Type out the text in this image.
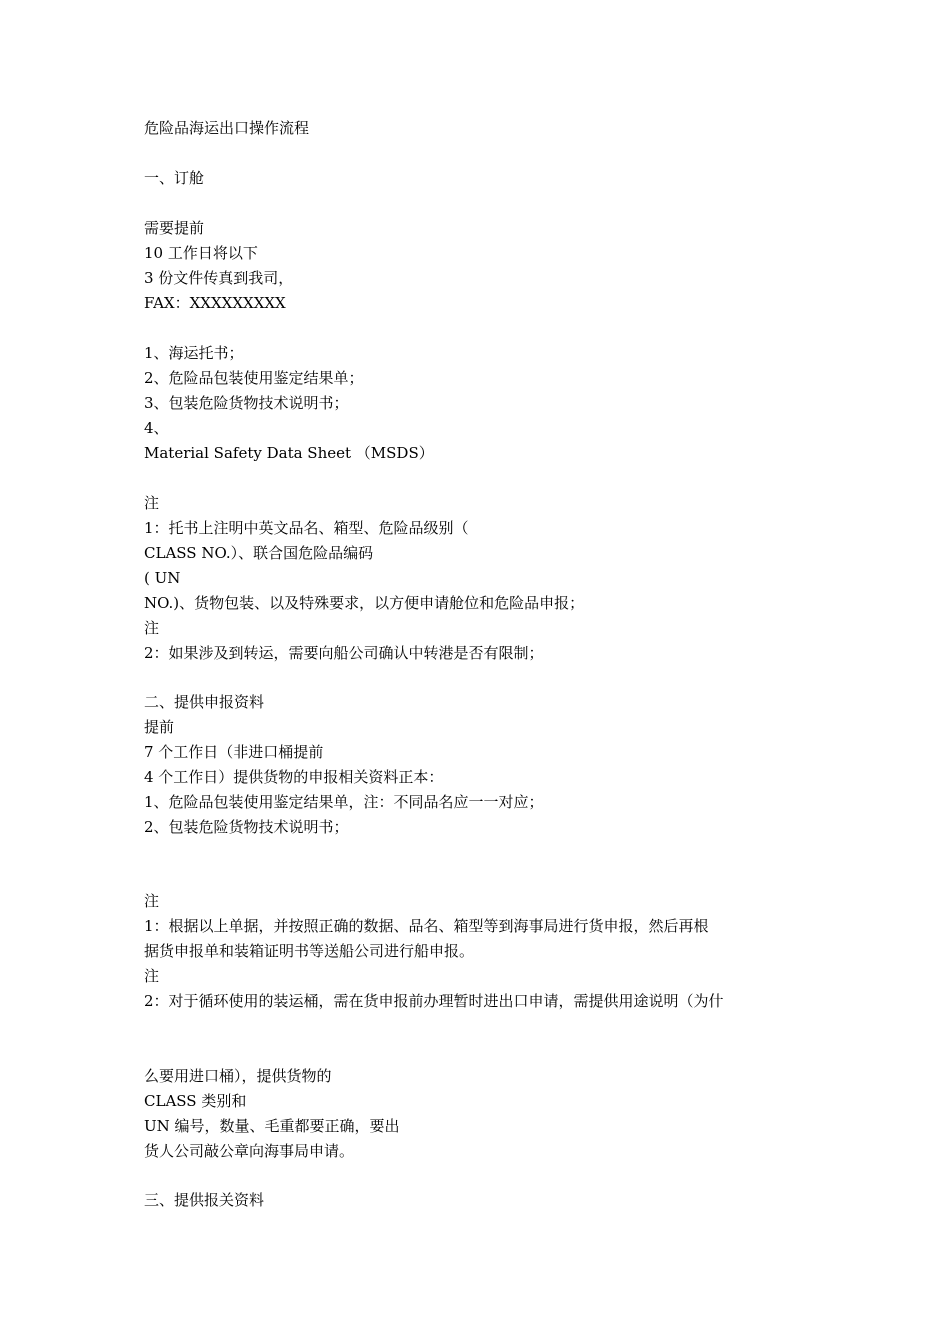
危险品海运出口操作流程
一、订舱
需要提前
10 工作日将以下
3 份文件传真到我司，
FAX：XXXXXXXXX
1、海运托书；
2、危险品包装使用鉴定结果单；
3、包装危险货物技术说明书；
4、
Material Safety Data Sheet （MSDS）
注
1：托书上注明中英文品名、箱型、危险品级别（
CLASS NO.）、联合国危险品编码
( UN
NO.)、货物包装、以及特殊要求，以方便申请舱位和危险品申报；
注
2：如果涉及到转运，需要向船公司确认中转港是否有限制；
二、提供申报资料
提前
7 个工作日（非进口桶提前
4 个工作日）提供货物的申报相关资料正本：
1、危险品包装使用鉴定结果单，注：不同品名应一一对应；
2、包装危险货物技术说明书；
注
1：根据以上单据，并按照正确的数据、品名、箱型等到海事局进行货申报，然后再根
据货申报单和装箱证明书等送船公司进行船申报。
注
2：对于循环使用的装运桶，需在货申报前办理暂时进出口申请，需提供用途说明（为什
么要用进口桶），提供货物的
CLASS 类别和
UN 编号，数量、毛重都要正确，要出
货人公司敲公章向海事局申请。
三、提供报关资料
